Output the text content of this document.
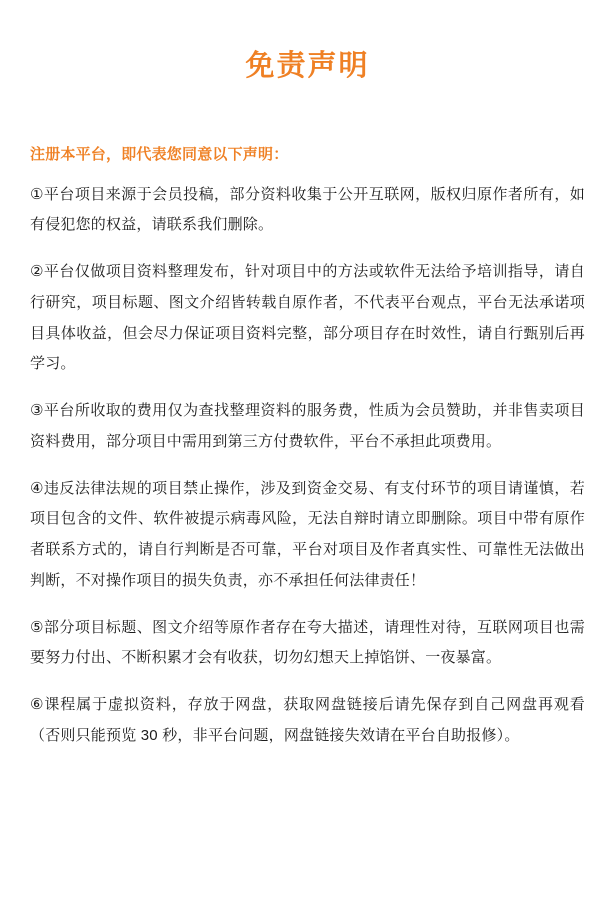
免责声明

注册本平台，即代表您同意以下声明：

①平台项目来源于会员投稿，部分资料收集于公开互联网，版权归原作者所有，如有侵犯您的权益，请联系我们删除。

②平台仅做项目资料整理发布，针对项目中的方法或软件无法给予培训指导，请自行研究，项目标题、图文介绍皆转载自原作者，不代表平台观点，平台无法承诺项目具体收益，但会尽力保证项目资料完整，部分项目存在时效性，请自行甄别后再学习。

③平台所收取的费用仅为查找整理资料的服务费，性质为会员赞助，并非售卖项目资料费用，部分项目中需用到第三方付费软件，平台不承担此项费用。

④违反法律法规的项目禁止操作，涉及到资金交易、有支付环节的项目请谨慎，若项目包含的文件、软件被提示病毒风险，无法自辩时请立即删除。项目中带有原作者联系方式的，请自行判断是否可靠，平台对项目及作者真实性、可靠性无法做出判断，不对操作项目的损失负责，亦不承担任何法律责任！

⑤部分项目标题、图文介绍等原作者存在夸大描述，请理性对待，互联网项目也需要努力付出、不断积累才会有收获，切勿幻想天上掉馅饼、一夜暴富。

⑥课程属于虚拟资料，存放于网盘，获取网盘链接后请先保存到自己网盘再观看（否则只能预览 30 秒，非平台问题，网盘链接失效请在平台自助报修）。
